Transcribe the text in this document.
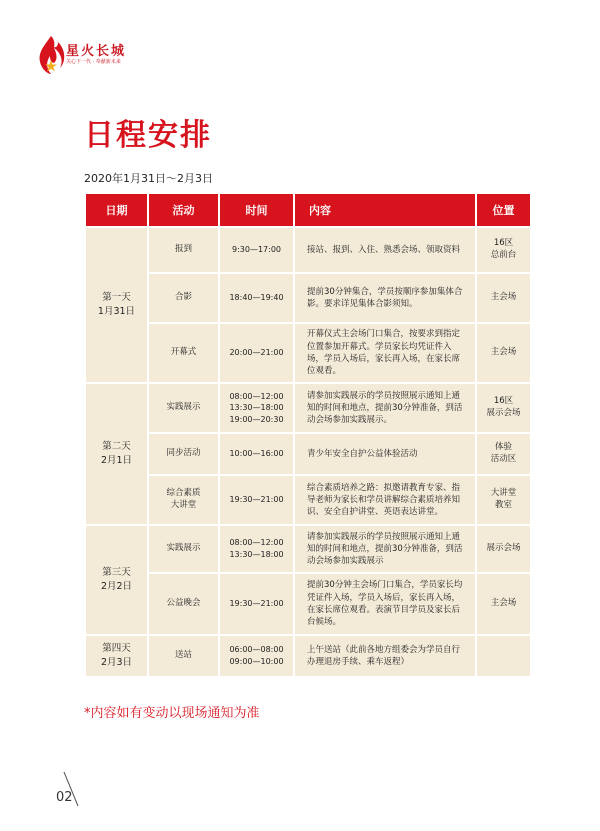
星火长城
关心下一代 · 奉献新未来
日程安排
2020年1月31日～2月3日
日期	活动	时间	内容	位置

第一天
1月31日	报到	9:30—17:00	接站、报到、入住、熟悉会场、领取资料	16区
总前台
	合影	18:40—19:40	提前30分钟集合，学员按顺序参加集体合影。要求详见集体合影须知。	主会场
	开幕式	20:00—21:00	开幕仪式主会场门口集合，按要求到指定位置参加开幕式。学员家长均凭证件入场，学员入场后，家长再入场，在家长席位观看。	主会场

第二天
2月1日	实践展示	08:00—12:00
13:30—18:00
19:00—20:30	请参加实践展示的学员按照展示通知上通知的时间和地点，提前30分钟准备，到活动会场参加实践展示。	16区
展示会场
	同步活动	10:00—16:00	青少年安全自护公益体验活动	体验
活动区
	综合素质
大讲堂	19:30—21:00	综合素质培养之路：拟邀请教育专家、指导老师为家长和学员讲解综合素质培养知识、安全自护讲堂、英语表达讲堂。	大讲堂
教室

第三天
2月2日	实践展示	08:00—12:00
13:30—18:00	请参加实践展示的学员按照展示通知上通知的时间和地点，提前30分钟准备，到活动会场参加实践展示	展示会场
	公益晚会	19:30—21:00	提前30分钟主会场门口集合，学员家长均凭证件入场，学员入场后，家长再入场，在家长席位观看。表演节目学员及家长后台候场。	主会场

第四天
2月3日	送站	06:00—08:00
09:00—10:00	上午送站（此前各地方组委会为学员自行办理退房手续、乘车返程）	
*内容如有变动以现场通知为准
02
